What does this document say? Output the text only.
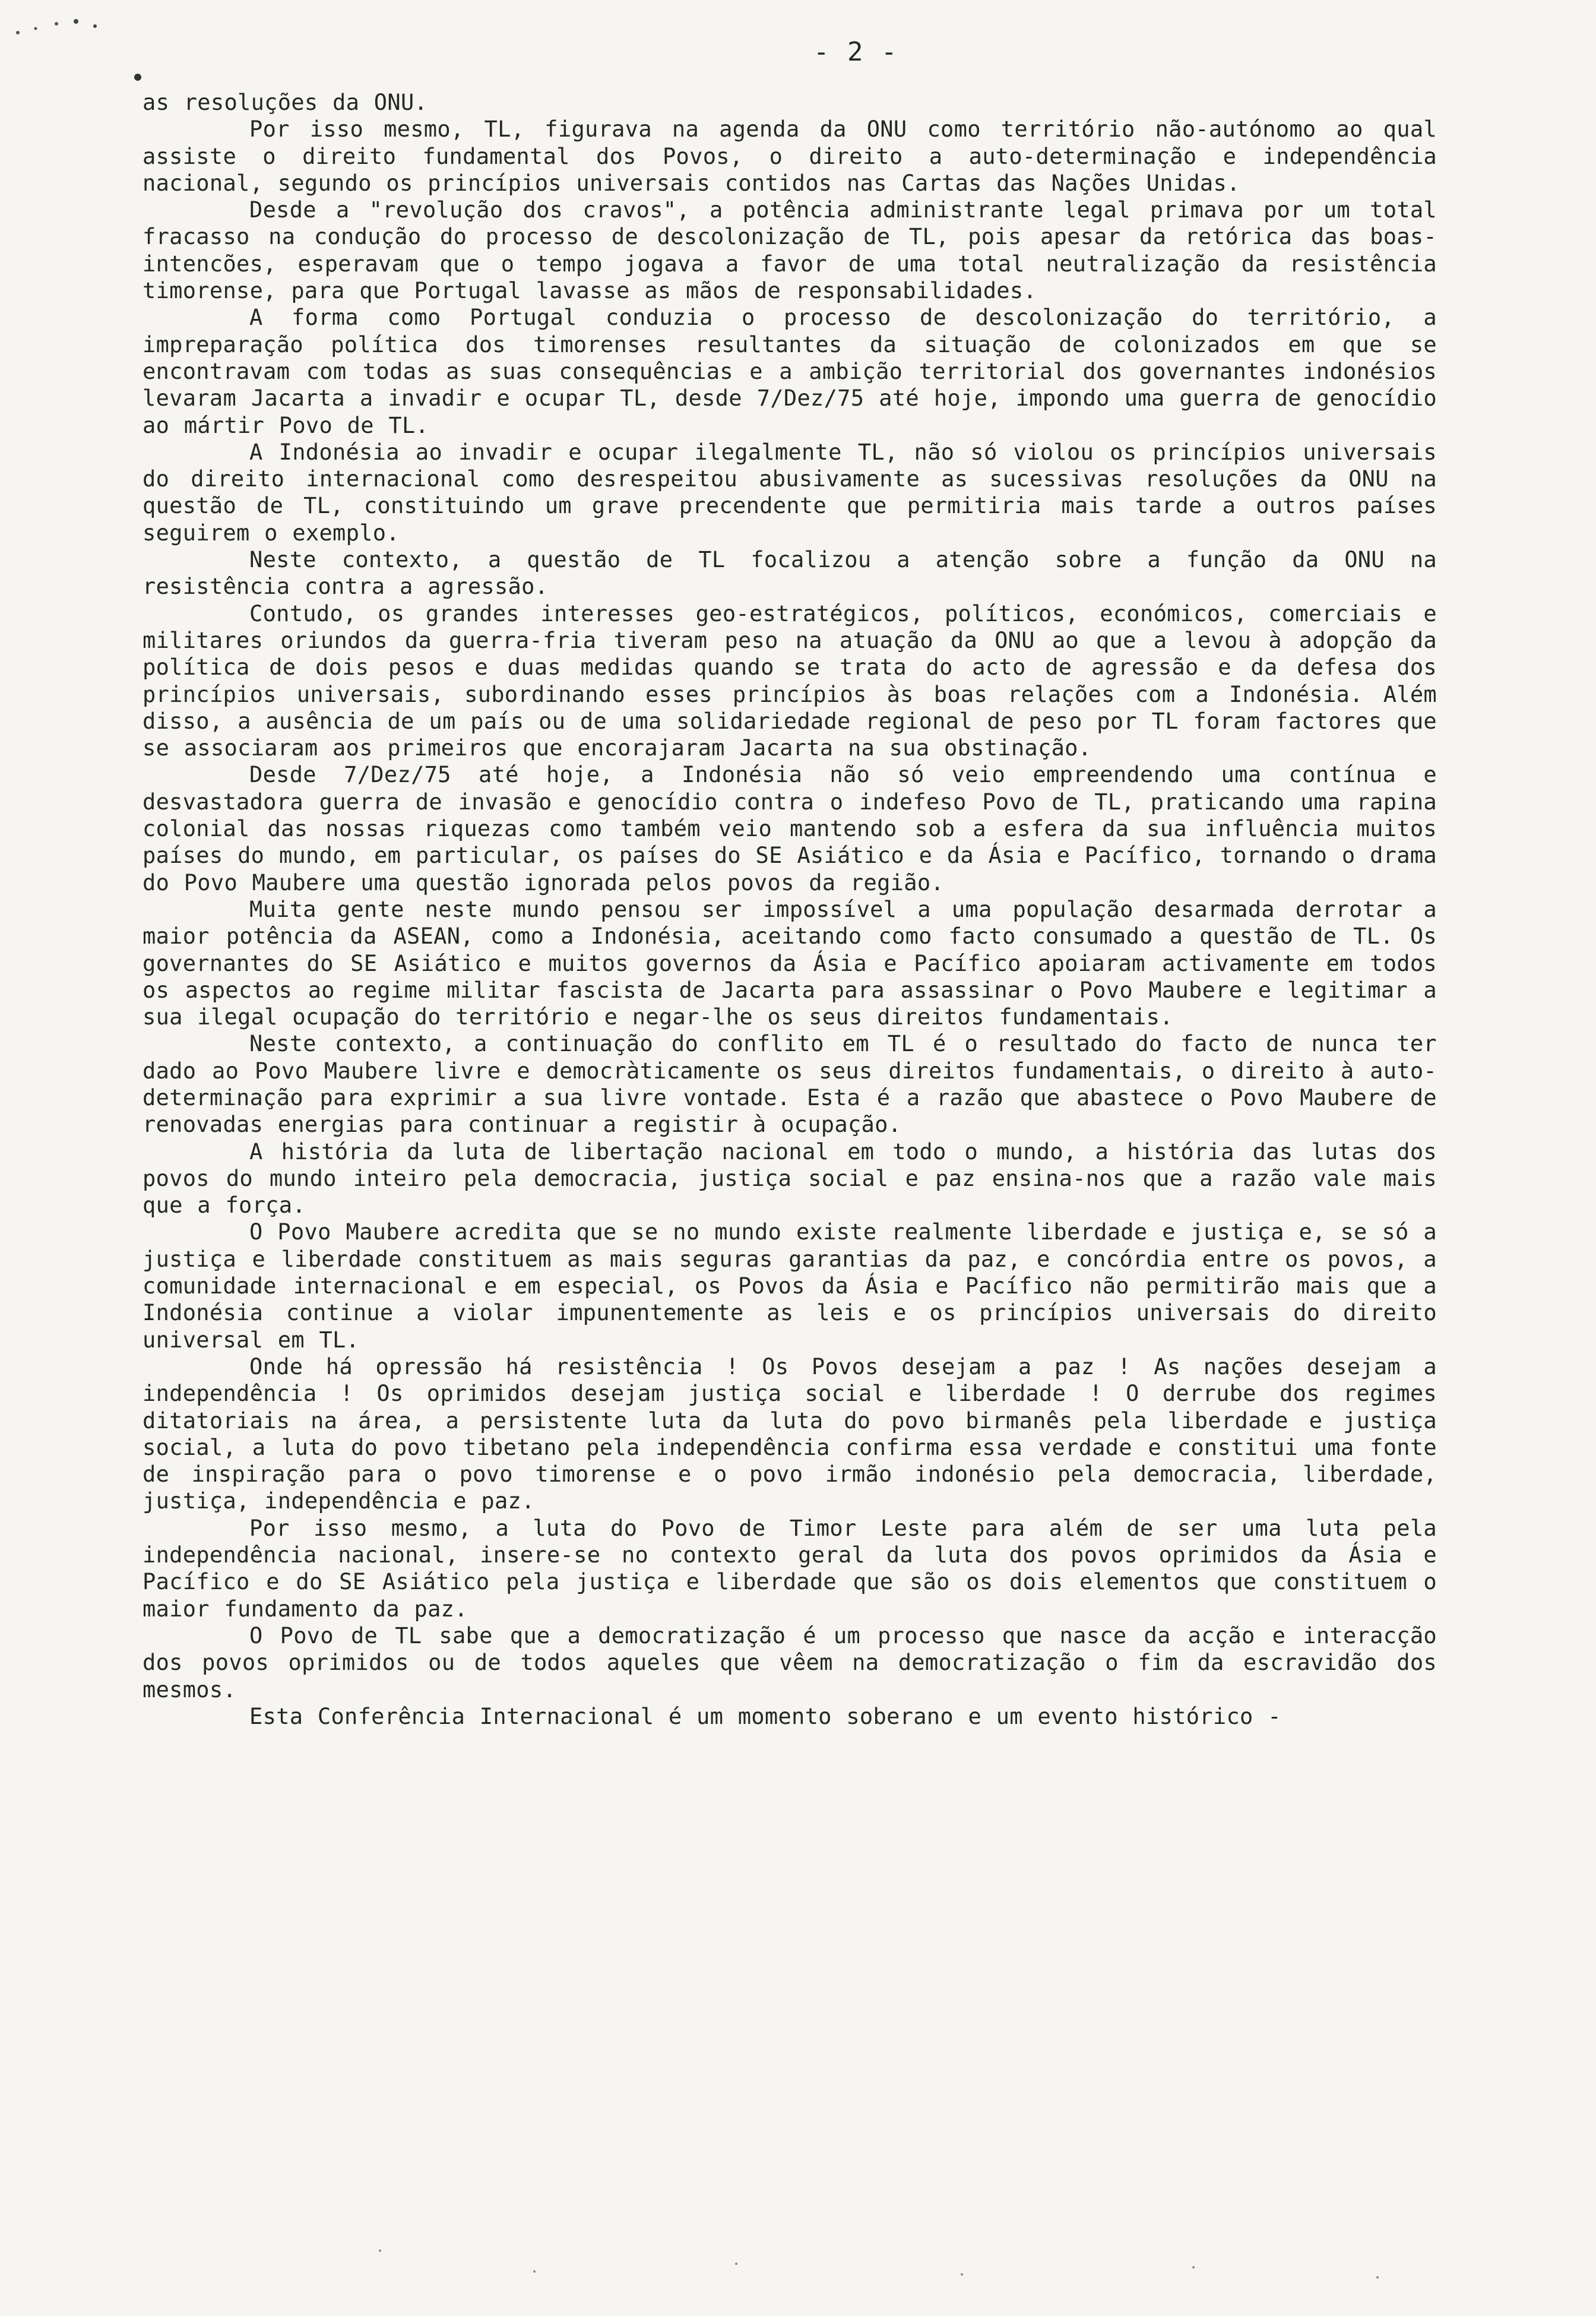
- 2 -

as resoluções da ONU.

Por isso mesmo, TL, figurava na agenda da ONU como território não-autónomo ao qual assiste o direito fundamental dos Povos, o direito a auto-determinação e independência nacional, segundo os princípios universais contidos nas Cartas das Nações Unidas.

Desde a "revolução dos cravos", a potência administrante legal primava por um total fracasso na condução do processo de descolonização de TL, pois apesar da retórica das boas-intencões, esperavam que o tempo jogava a favor de uma total neutralização da resistência timorense, para que Portugal lavasse as mãos de responsabilidades.

A forma como Portugal conduzia o processo de descolonização do território, a impreparação política dos timorenses resultantes da situação de colonizados em que se encontravam com todas as suas consequências e a ambição territorial dos governantes indonésios levaram Jacarta a invadir e ocupar TL, desde 7/Dez/75 até hoje, impondo uma guerra de genocídio ao mártir Povo de TL.

A Indonésia ao invadir e ocupar ilegalmente TL, não só violou os princípios universais do direito internacional como desrespeitou abusivamente as sucessivas resoluções da ONU na questão de TL, constituindo um grave precendente que permitiria mais tarde a outros países seguirem o exemplo.

Neste contexto, a questão de TL focalizou a atenção sobre a função da ONU na resistência contra a agressão.

Contudo, os grandes interesses geo-estratégicos, políticos, económicos, comerciais e militares oriundos da guerra-fria tiveram peso na atuação da ONU ao que a levou à adopção da política de dois pesos e duas medidas quando se trata do acto de agressão e da defesa dos princípios universais, subordinando esses princípios às boas relações com a Indonésia. Além disso, a ausência de um país ou de uma solidariedade regional de peso por TL foram factores que se associaram aos primeiros que encorajaram Jacarta na sua obstinação.

Desde 7/Dez/75 até hoje, a Indonésia não só veio empreendendo uma contínua e desvastadora guerra de invasão e genocídio contra o indefeso Povo de TL, praticando uma rapina colonial das nossas riquezas como também veio mantendo sob a esfera da sua influência muitos países do mundo, em particular, os países do SE Asiático e da Ásia e Pacífico, tornando o drama do Povo Maubere uma questão ignorada pelos povos da região.

Muita gente neste mundo pensou ser impossível a uma população desarmada derrotar a maior potência da ASEAN, como a Indonésia, aceitando como facto consumado a questão de TL. Os governantes do SE Asiático e muitos governos da Ásia e Pacífico apoiaram activamente em todos os aspectos ao regime militar fascista de Jacarta para assassinar o Povo Maubere e legitimar a sua ilegal ocupação do território e negar-lhe os seus direitos fundamentais.

Neste contexto, a continuação do conflito em TL é o resultado do facto de nunca ter dado ao Povo Maubere livre e democràticamente os seus direitos fundamentais, o direito à auto-determinação para exprimir a sua livre vontade. Esta é a razão que abastece o Povo Maubere de renovadas energias para continuar a registir à ocupação.

A história da luta de libertação nacional em todo o mundo, a história das lutas dos povos do mundo inteiro pela democracia, justiça social e paz ensina-nos que a razão vale mais que a força.

O Povo Maubere acredita que se no mundo existe realmente liberdade e justiça e, se só a justiça e liberdade constituem as mais seguras garantias da paz, e concórdia entre os povos, a comunidade internacional e em especial, os Povos da Ásia e Pacífico não permitirão mais que a Indonésia continue a violar impunentemente as leis e os princípios universais do direito universal em TL.

Onde há opressão há resistência ! Os Povos desejam a paz ! As nações desejam a independência ! Os oprimidos desejam justiça social e liberdade ! O derrube dos regimes ditatoriais na área, a persistente luta da luta do povo birmanês pela liberdade e justiça social, a luta do povo tibetano pela independência confirma essa verdade e constitui uma fonte de inspiração para o povo timorense e o povo irmão indonésio pela democracia, liberdade, justiça, independência e paz.

Por isso mesmo, a luta do Povo de Timor Leste para além de ser uma luta pela independência nacional, insere-se no contexto geral da luta dos povos oprimidos da Ásia e Pacífico e do SE Asiático pela justiça e liberdade que são os dois elementos que constituem o maior fundamento da paz.

O Povo de TL sabe que a democratização é um processo que nasce da acção e interacção dos povos oprimidos ou de todos aqueles que vêem na democratização o fim da escravidão dos mesmos.

Esta Conferência Internacional é um momento soberano e um evento histórico -
